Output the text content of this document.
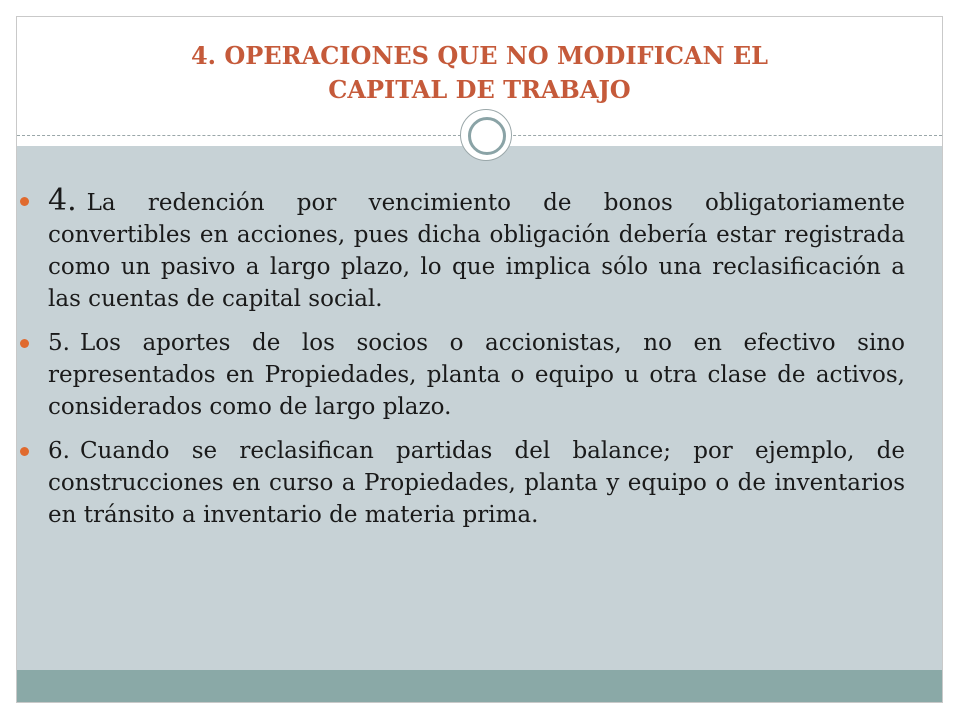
4. OPERACIONES QUE NO MODIFICAN EL
CAPITAL DE TRABAJO
4. La redención por vencimiento de bonos obligatoriamente convertibles en acciones, pues dicha obligación debería estar registrada como un pasivo a largo plazo, lo que implica sólo una reclasificación a las cuentas de capital social.
5. Los aportes de los socios o accionistas, no en efectivo sino representados en Propiedades, planta o equipo u otra clase de activos, considerados como de largo plazo.
6. Cuando se reclasifican partidas del balance; por ejemplo, de construcciones en curso a Propiedades, planta y equipo o de inventarios en tránsito a inventario de materia prima.
